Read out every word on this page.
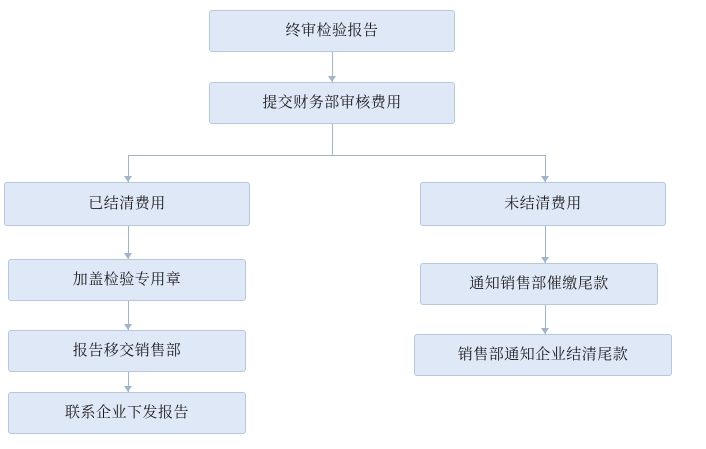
终审检验报告
提交财务部审核费用
已结清费用	未结清费用
加盖检验专用章	通知销售部催缴尾款
报告移交销售部	销售部通知企业结清尾款
联系企业下发报告
